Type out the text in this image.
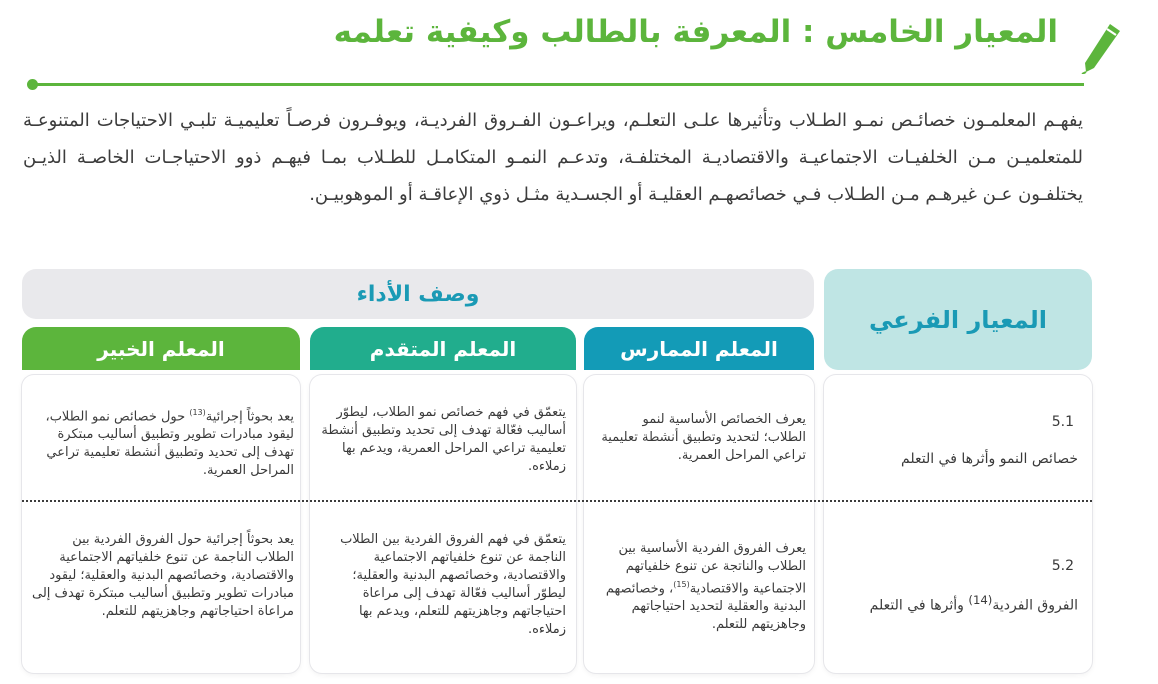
المعيار الخامس : المعرفة بالطالب وكيفية تعلمه

يفهـم المعلمـون خصائـص نمـو الطـلاب وتأثيرها علـى التعلـم، ويراعـون الفـروق الفرديـة، ويوفـرون فرصـاً تعليميـة تلبـي الاحتياجات المتنوعـة للمتعلميـن مـن الخلفيـات الاجتماعيـة والاقتصاديـة المختلفـة، وتدعـم النمـو المتكامـل للطـلاب بمـا فيهـم ذوو الاحتياجـات الخاصـة الذيـن يختلفـون عـن غيرهـم مـن الطـلاب فـي خصائصهـم العقليـة أو الجسـدية مثـل ذوي الإعاقـة أو الموهوبيـن.

وصف الأداء
المعيار الفرعي
المعلم الممارس
المعلم المتقدم
المعلم الخبير
5.1
خصائص النمو وأثرها في التعلم
يعرف الخصائص الأساسية لنمو الطلاب؛ لتحديد وتطبيق أنشطة تعليمية تراعي المراحل العمرية.
يتعمّق في فهم خصائص نمو الطلاب، ليطوّر أساليب فعّالة تهدف إلى تحديد وتطبيق أنشطة تعليمية تراعي المراحل العمرية، ويدعم بها زملاءه.
يعد بحوثاً إجرائية$^{(13)}$ حول خصائص نمو الطلاب، ليقود مبادرات تطوير وتطبيق أساليب مبتكرة تهدف إلى تحديد وتطبيق أنشطة تعليمية تراعي المراحل العمرية.
5.2
الفروق الفردية$^{(14)}$ وأثرها في التعلم
يعرف الفروق الفردية الأساسية بين الطلاب والناتجة عن تنوع خلفياتهم الاجتماعية والاقتصادية$^{(15)}$، وخصائصهم البدنية والعقلية لتحديد احتياجاتهم وجاهزيتهم للتعلم.
يتعمّق في فهم الفروق الفردية بين الطلاب الناجمة عن تنوع خلفياتهم الاجتماعية والاقتصادية، وخصائصهم البدنية والعقلية؛ ليطوّر أساليب فعّالة تهدف إلى مراعاة احتياجاتهم وجاهزيتهم للتعلم، ويدعم بها زملاءه.
يعد بحوثاً إجرائية حول الفروق الفردية بين الطلاب الناجمة عن تنوع خلفياتهم الاجتماعية والاقتصادية، وخصائصهم البدنية والعقلية؛ ليقود مبادرات تطوير وتطبيق أساليب مبتكرة تهدف إلى مراعاة احتياجاتهم وجاهزيتهم للتعلم.
